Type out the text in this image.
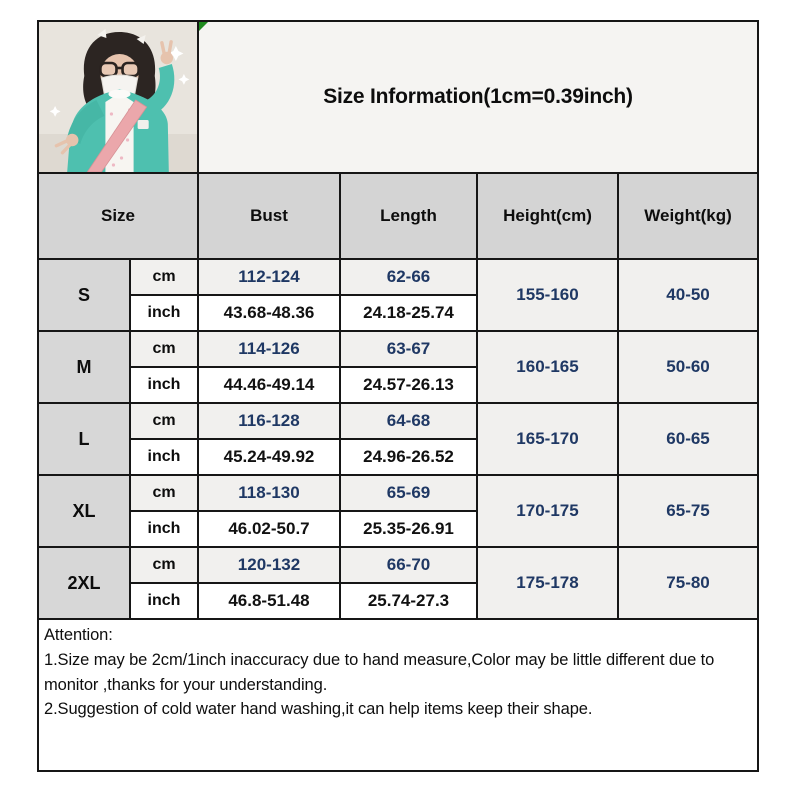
Size Information(1cm=0.39inch)			
Size		Bust	Length	Height(cm)	Weight(kg)
S	cm	112-124	62-66	155-160	40-50
	inch	43.68-48.36	24.18-25.74		
M	cm	114-126	63-67	160-165	50-60
	inch	44.46-49.14	24.57-26.13		
L	cm	116-128	64-68	165-170	60-65
	inch	45.24-49.92	24.96-26.52		
XL	cm	118-130	65-69	170-175	65-75
	inch	46.02-50.7	25.35-26.91		
2XL	cm	120-132	66-70	175-178	75-80
	inch	46.8-51.48	25.74-27.3		

Attention:
1.Size may be 2cm/1inch inaccuracy due to hand measure,Color may be little different due to monitor ,thanks for your understanding.
2.Suggestion of cold water hand washing,it can help items keep their shape.					
